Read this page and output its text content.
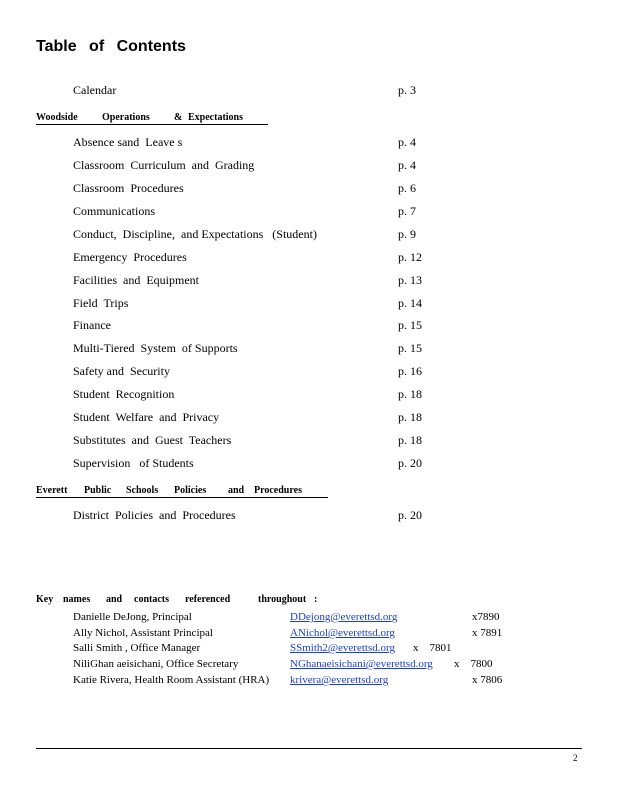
Table of Contents
Calendar	p. 3
Woodside Operations & Expectations
Absence sand  Leave s	p. 4
Classroom  Curriculum  and  Grading	p. 4
Classroom  Procedures	p. 6
Communications	p. 7
Conduct,  Discipline,  and Expectations   (Student)	p. 9
Emergency  Procedures	p. 12
Facilities  and  Equipment	p. 13
Field  Trips	p. 14
Finance	p. 15
Multi-Tiered  System  of Supports	p. 15
Safety and  Security	p. 16
Student  Recognition	p. 18
Student  Welfare  and  Privacy	p. 18
Substitutes  and  Guest  Teachers	p. 18
Supervision   of Students	p. 20
Everett Public Schools Policies and Procedures
District  Policies  and  Procedures	p. 20
Key names and contacts referenced	throughout :
Danielle DeJong, Principal	DDejong@everettsd.org	x7890
Ally Nichol, Assistant Principal	ANichol@everettsd.org	x 7891
Salli Smith , Office Manager	SSmith2@everettsd.org x    7801
NiliGhan aeisichani, Office Secretary	NGhanaeisichani@everettsd.org x    7800
Katie Rivera, Health Room Assistant (HRA) krivera@everettsd.org	x 7806
2
